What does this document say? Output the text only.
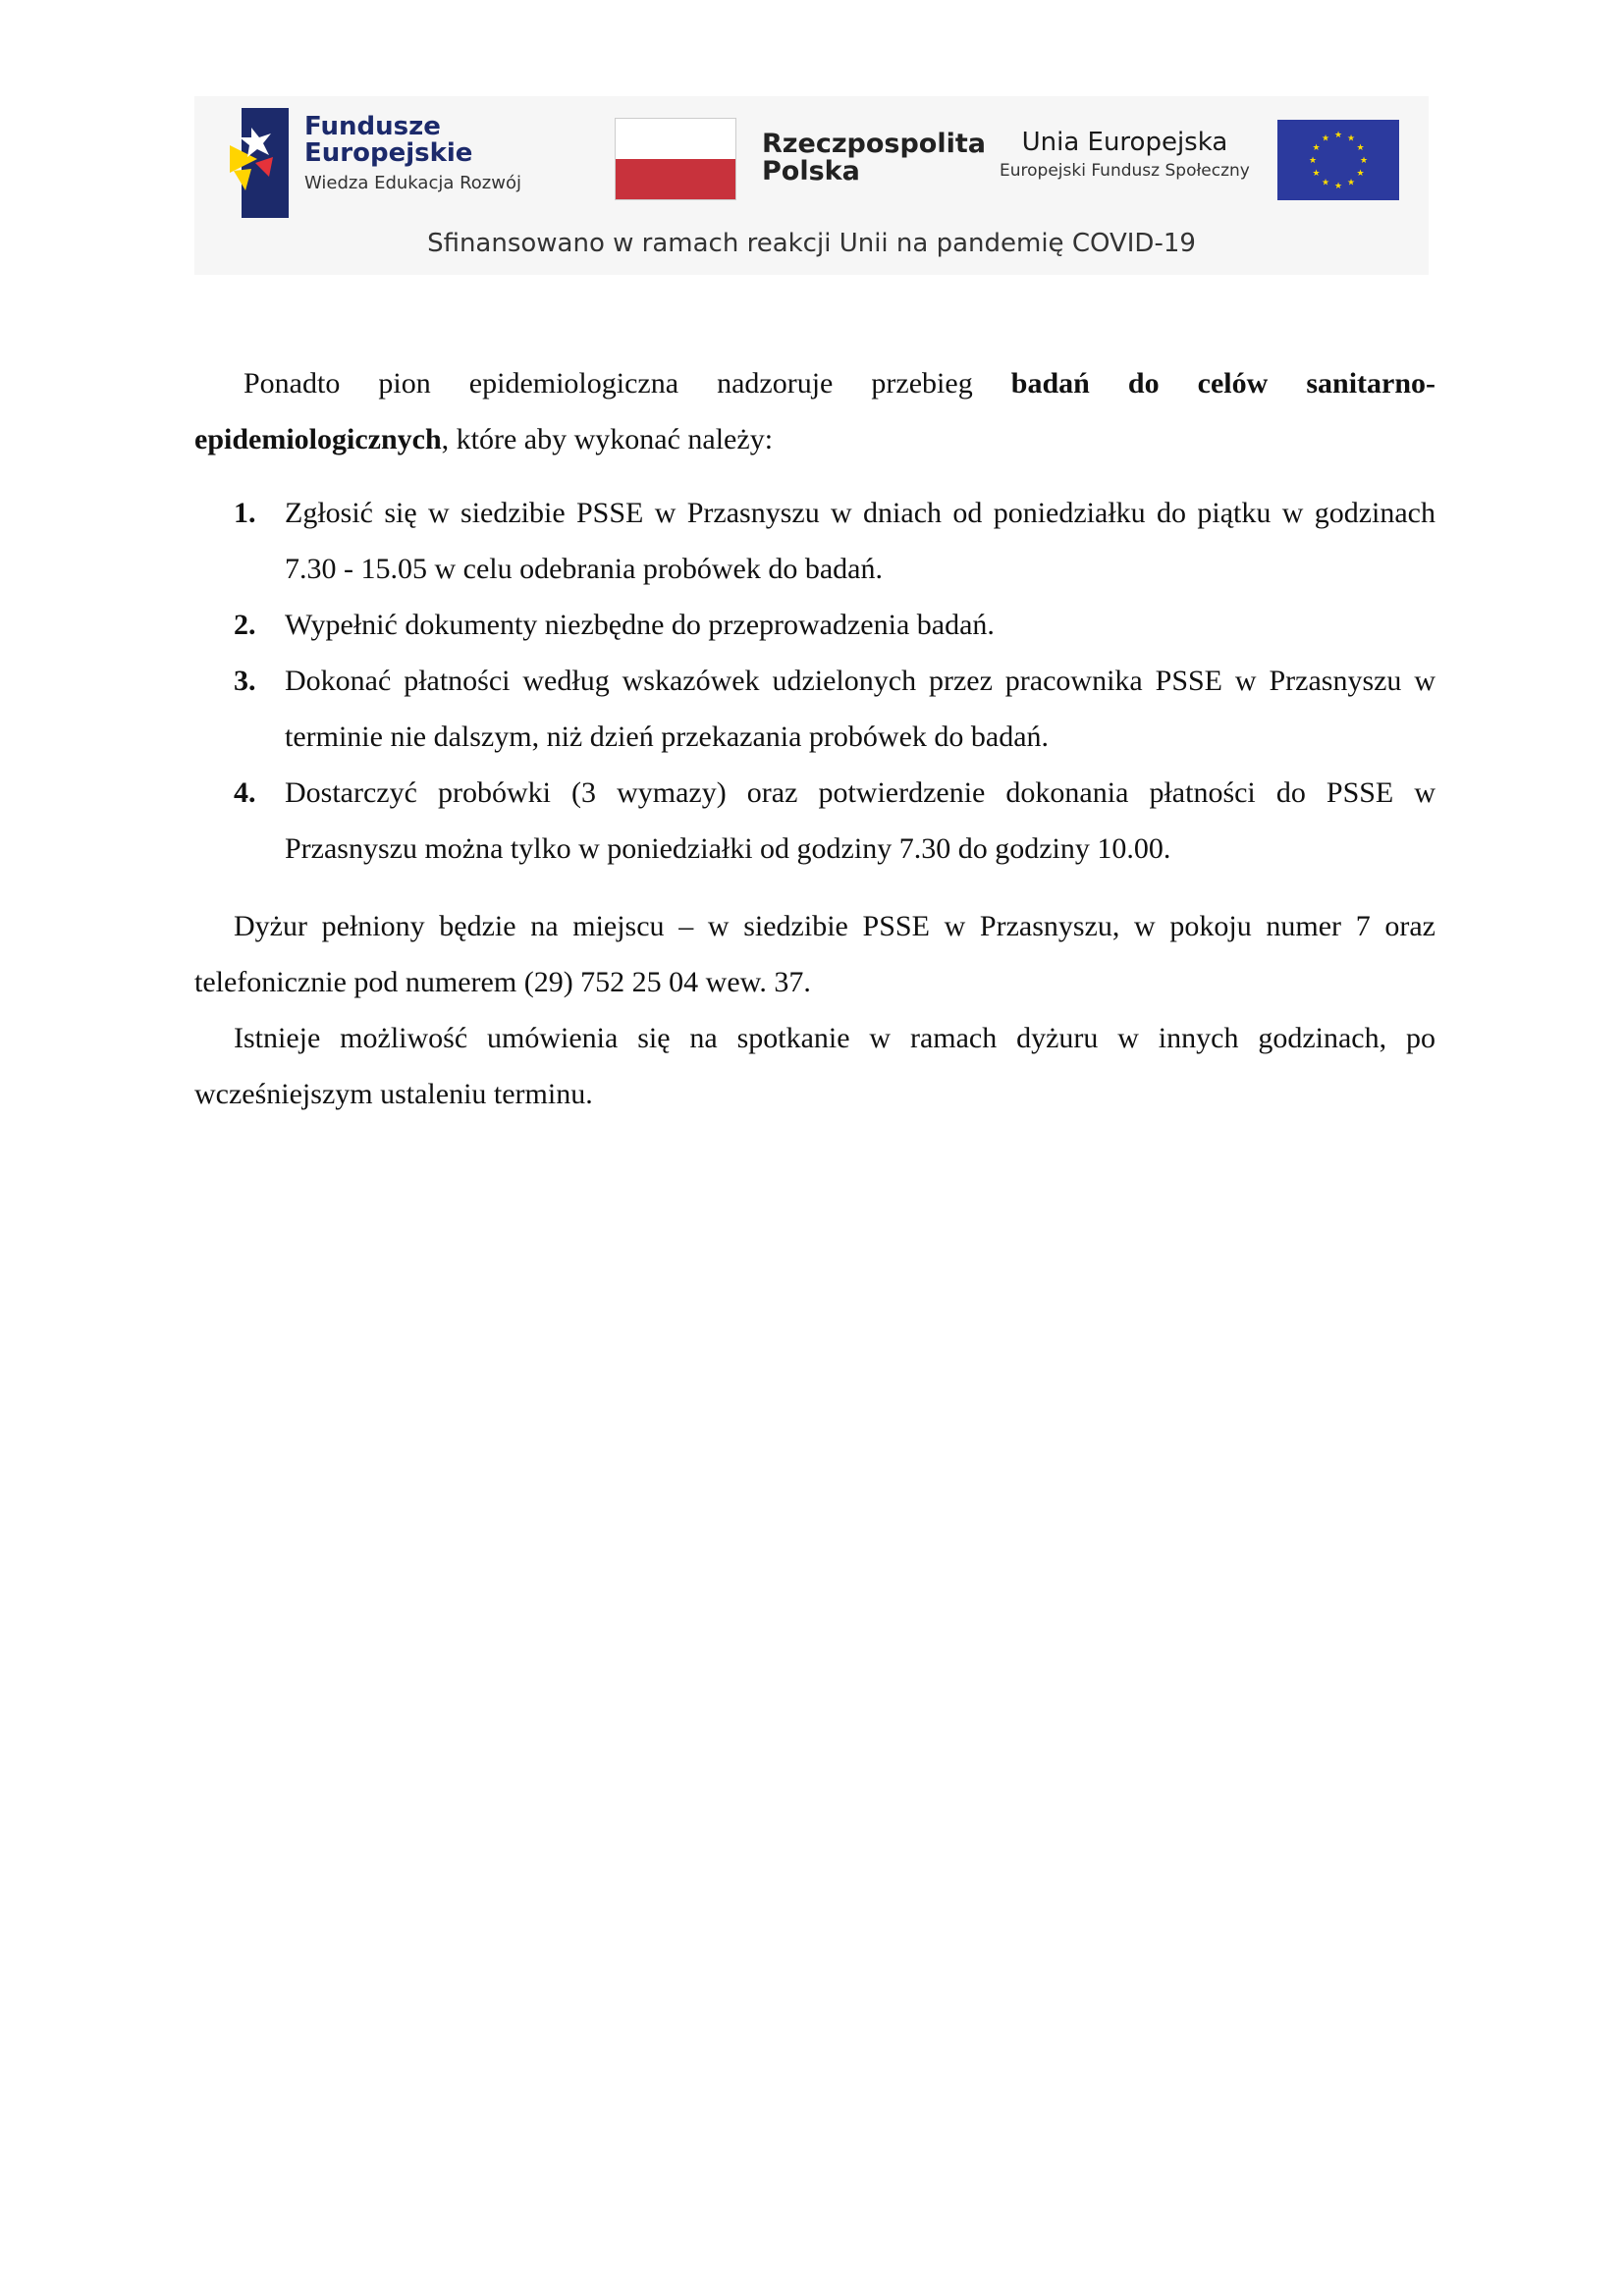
Fundusze
Europejskie
Wiedza Edukacja Rozwój
Rzeczpospolita
Polska
Unia Europejska
Europejski Fundusz Społeczny
★ ★
★
★
★
★
★
★
★
★
★
★
Sfinansowano w ramach reakcji Unii na pandemię COVID-19

Ponadto pion epidemiologiczna nadzoruje przebieg badań do celów sanitarno-epidemiologicznych, które aby wykonać należy:

1. Zgłosić się w siedzibie PSSE w Przasnyszu w dniach od poniedziałku do piątku w godzinach 7.30 - 15.05 w celu odebrania probówek do badań.
2. Wypełnić dokumenty niezbędne do przeprowadzenia badań.
3. Dokonać płatności według wskazówek udzielonych przez pracownika PSSE w Przasnyszu w terminie nie dalszym, niż dzień przekazania probówek do badań.
4. Dostarczyć probówki (3 wymazy) oraz potwierdzenie dokonania płatności do PSSE w Przasnyszu można tylko w poniedziałki od godziny 7.30 do godziny 10.00.

Dyżur pełniony będzie na miejscu – w siedzibie PSSE w Przasnyszu, w pokoju numer 7 oraz telefonicznie pod numerem (29) 752 25 04 wew. 37.

Istnieje możliwość umówienia się na spotkanie w ramach dyżuru w innych godzinach, po wcześniejszym ustaleniu terminu.
